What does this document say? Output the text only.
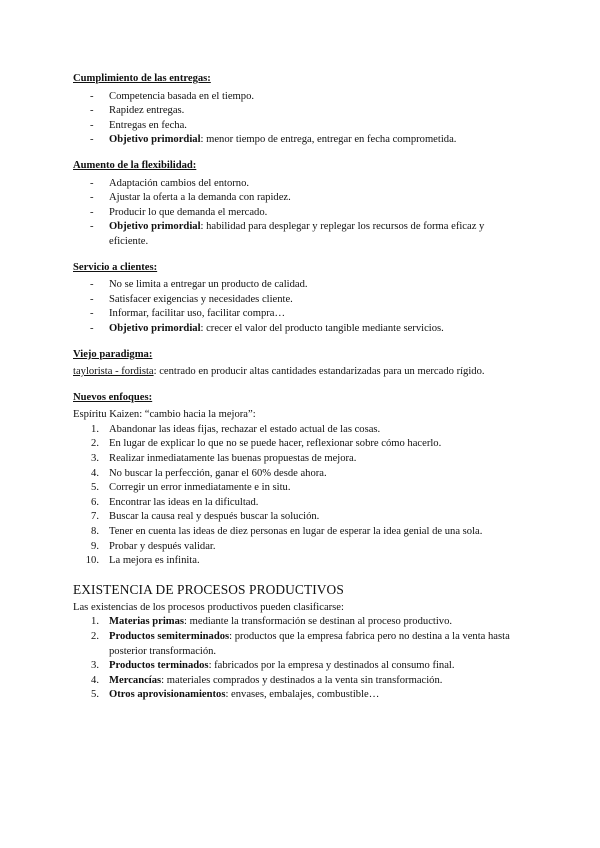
Cumplimiento de las entregas:
- Competencia basada en el tiempo.
- Rapidez entregas.
- Entregas en fecha.
- Objetivo primordial: menor tiempo de entrega, entregar en fecha comprometida.
Aumento de la flexibilidad:
- Adaptación cambios del entorno.
- Ajustar la oferta a la demanda con rapidez.
- Producir lo que demanda el mercado.
- Objetivo primordial: habilidad para desplegar y replegar los recursos de forma eficaz y eficiente.
Servicio a clientes:
- No se limita a entregar un producto de calidad.
- Satisfacer exigencias y necesidades cliente.
- Informar, facilitar uso, facilitar compra…
- Objetivo primordial: crecer el valor del producto tangible mediante servicios.
Viejo paradigma:
taylorista - fordista: centrado en producir altas cantidades estandarizadas para un mercado rígido.
Nuevos enfoques:
Espíritu Kaizen: “cambio hacia la mejora”:
1. Abandonar las ideas fijas, rechazar el estado actual de las cosas.
2. En lugar de explicar lo que no se puede hacer, reflexionar sobre cómo hacerlo.
3. Realizar inmediatamente las buenas propuestas de mejora.
4. No buscar la perfección, ganar el 60% desde ahora.
5. Corregir un error inmediatamente e in situ.
6. Encontrar las ideas en la dificultad.
7. Buscar la causa real y después buscar la solución.
8. Tener en cuenta las ideas de diez personas en lugar de esperar la idea genial de una sola.
9. Probar y después validar.
10. La mejora es infinita.
EXISTENCIA DE PROCESOS PRODUCTIVOS
Las existencias de los procesos productivos pueden clasificarse:
1. Materias primas: mediante la transformación se destinan al proceso productivo.
2. Productos semiterminados: productos que la empresa fabrica pero no destina a la venta hasta posterior transformación.
3. Productos terminados: fabricados por la empresa y destinados al consumo final.
4. Mercancías: materiales comprados y destinados a la venta sin transformación.
5. Otros aprovisionamientos: envases, embalajes, combustible…
